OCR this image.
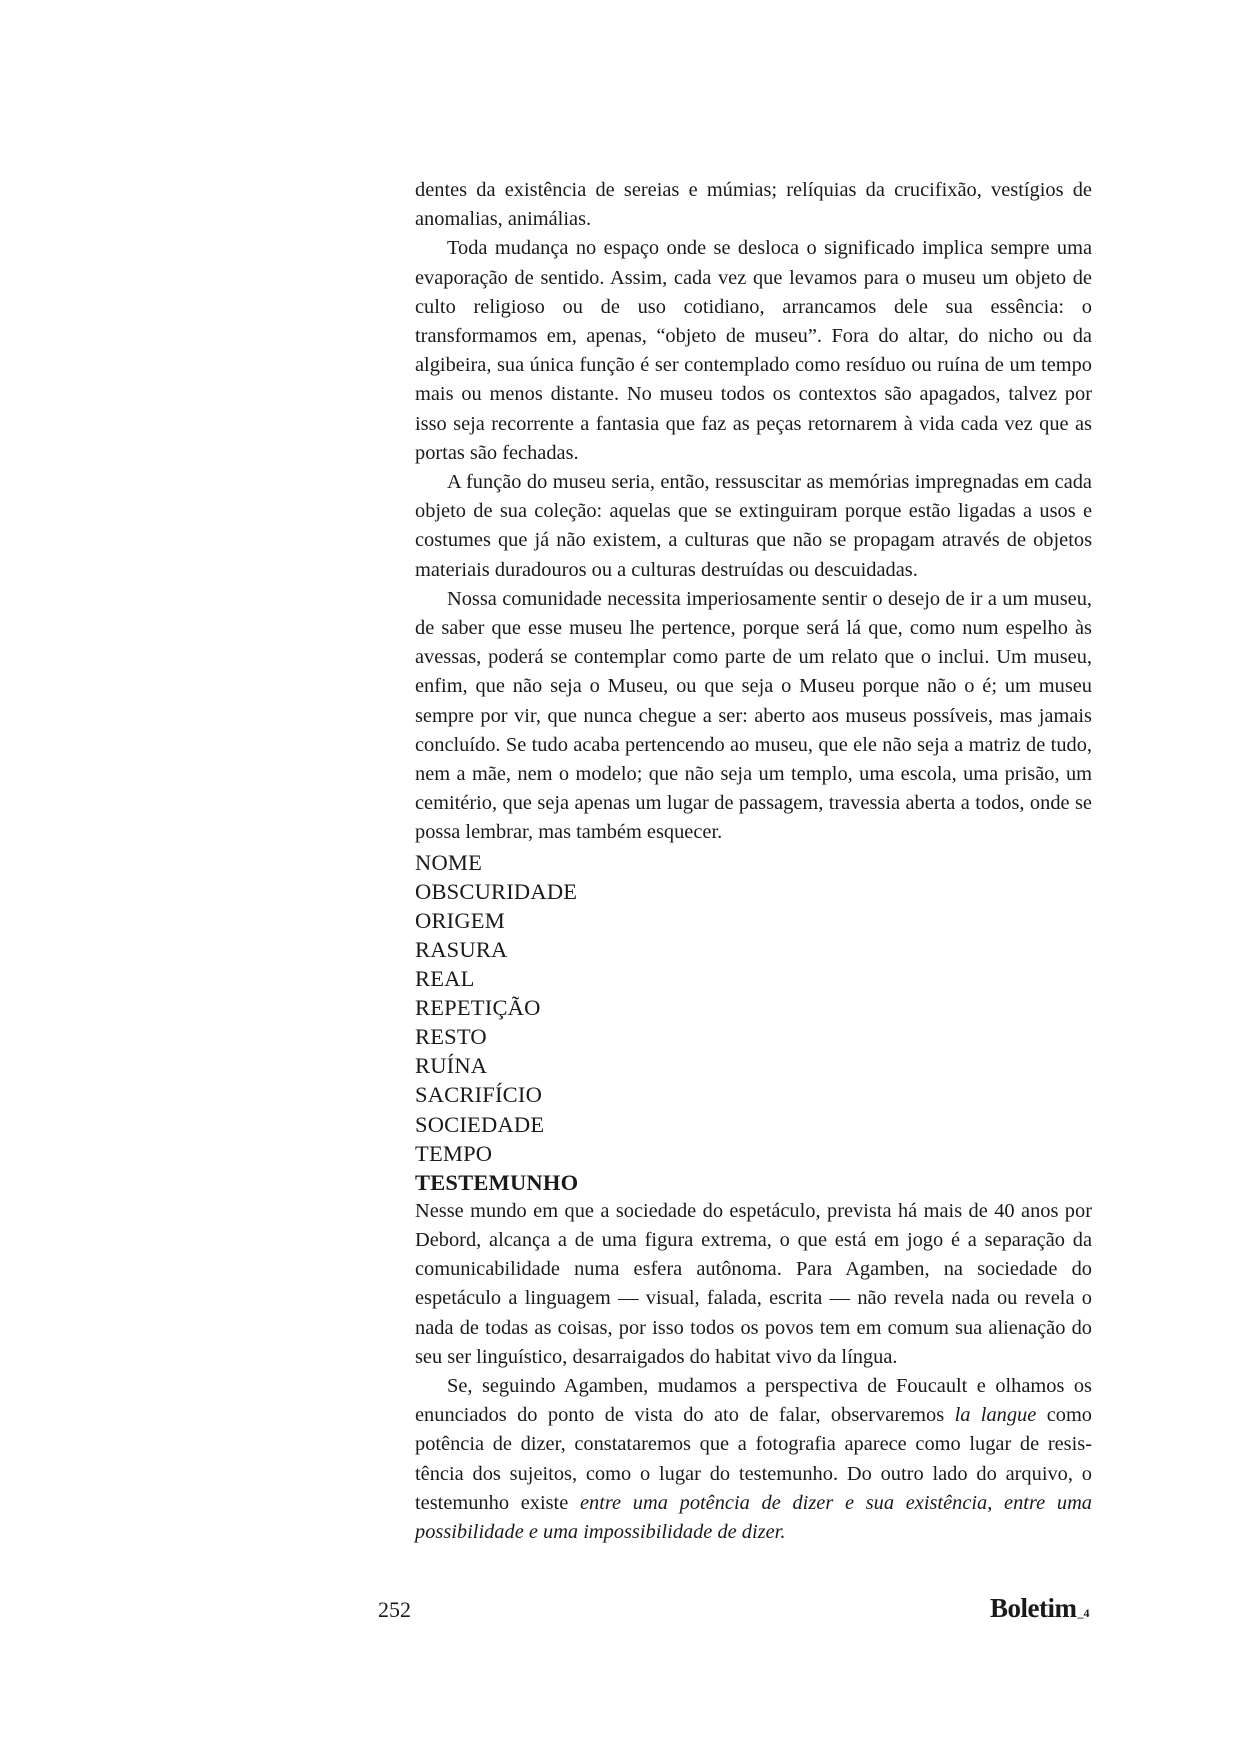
dentes da existência de sereias e múmias; relíquias da crucifixão, vestígios de anomalias, animálias.

Toda mudança no espaço onde se desloca o significado implica sempre uma evaporação de sentido. Assim, cada vez que levamos para o museu um objeto de culto religioso ou de uso cotidiano, arrancamos dele sua essência: o transformamos em, apenas, “objeto de museu”. Fora do altar, do nicho ou da algibeira, sua única função é ser contemplado como resíduo ou ruína de um tempo mais ou menos distante. No museu todos os contextos são apagados, talvez por isso seja recorrente a fantasia que faz as peças retornarem à vida cada vez que as portas são fechadas.

A função do museu seria, então, ressuscitar as memórias impregnadas em cada objeto de sua coleção: aquelas que se extinguiram porque estão ligadas a usos e costumes que já não existem, a culturas que não se propagam através de objetos materiais duradouros ou a culturas destruídas ou descuidadas.

Nossa comunidade necessita imperiosamente sentir o desejo de ir a um museu, de saber que esse museu lhe pertence, porque será lá que, como num espelho às avessas, poderá se contemplar como parte de um relato que o inclui. Um museu, enfim, que não seja o Museu, ou que seja o Museu porque não o é; um museu sempre por vir, que nunca chegue a ser: aberto aos museus possíveis, mas jamais concluído. Se tudo acaba pertencendo ao museu, que ele não seja a matriz de tudo, nem a mãe, nem o modelo; que não seja um templo, uma escola, uma prisão, um cemitério, que seja apenas um lugar de passagem, travessia aberta a todos, onde se possa lembrar, mas também esquecer.

NOME
OBSCURIDADE
ORIGEM
RASURA
REAL
REPETIÇÃO
RESTO
RUÍNA
SACRIFÍCIO
SOCIEDADE
TEMPO
TESTEMUNHO

Nesse mundo em que a sociedade do espetáculo, prevista há mais de 40 anos por Debord, alcança a de uma figura extrema, o que está em jogo é a separação da comunicabilidade numa esfera autônoma. Para Agamben, na sociedade do espetáculo a linguagem — visual, falada, escrita — não revela nada ou revela o nada de todas as coisas, por isso todos os povos tem em comum sua alienação do seu ser linguístico, desarraigados do habitat vivo da língua.

Se, seguindo Agamben, mudamos a perspectiva de Foucault e olhamos os enunciados do ponto de vista do ato de falar, observaremos la langue como potência de dizer, constataremos que a fotografia aparece como lugar de resistência dos sujeitos, como o lugar do testemunho. Do outro lado do arquivo, o testemunho existe entre uma potência de dizer e sua existência, entre uma possibilidade e uma impossibilidade de dizer.

252	Boletim_4
